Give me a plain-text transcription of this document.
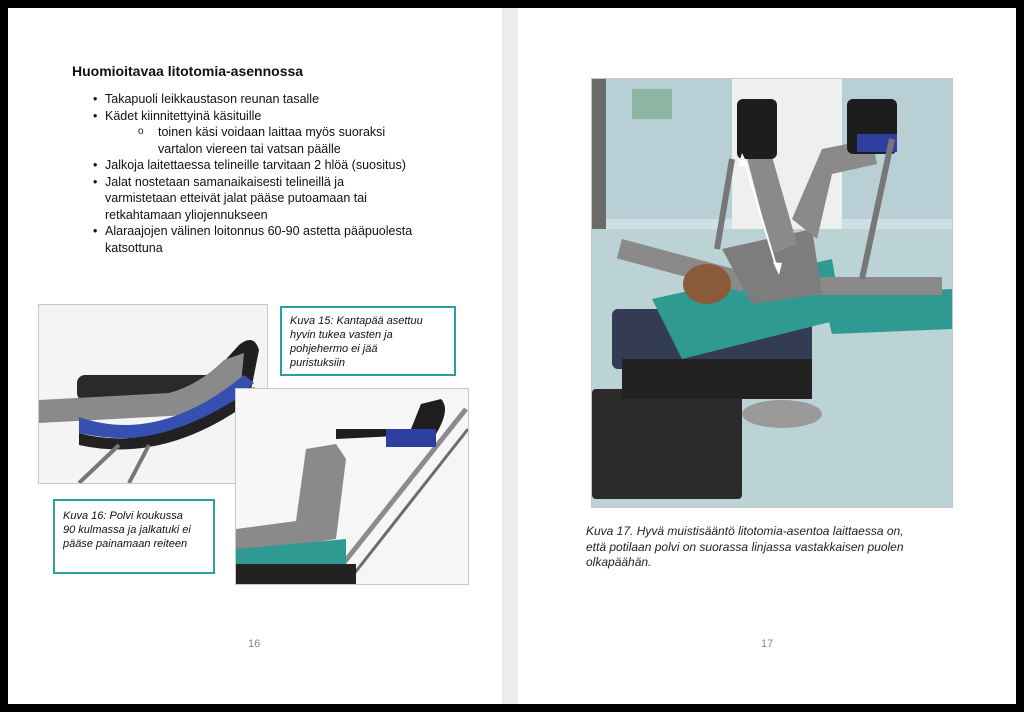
Huomioitavaa litotomia-asennossa
• Takapuoli leikkaustason reunan tasalle
• Kädet kiinnitettyinä käsituille
o toinen käsi voidaan laittaa myös suoraksi
vartalon viereen tai vatsan päälle
• Jalkoja laitettaessa telineille tarvitaan 2 hlöä (suositus)
• Jalat nostetaan samanaikaisesti telineillä ja
varmistetaan etteivät jalat pääse putoamaan tai
retkahtamaan yliojennukseen
• Alaraajojen välinen loitonnus 60-90 astetta pääpuolesta
katsottuna
Kuva 15: Kantapää asettuu
hyvin tukea vasten ja
pohjehermo ei jää
puristuksiin
Kuva 16: Polvi koukussa
90 kulmassa ja jalkatuki ei
pääse painamaan reiteen
16
Kuva 17. Hyvä muistisääntö litotomia-asentoa laittaessa on,
että potilaan polvi on suorassa linjassa vastakkaisen puolen
olkapäähän.
17
